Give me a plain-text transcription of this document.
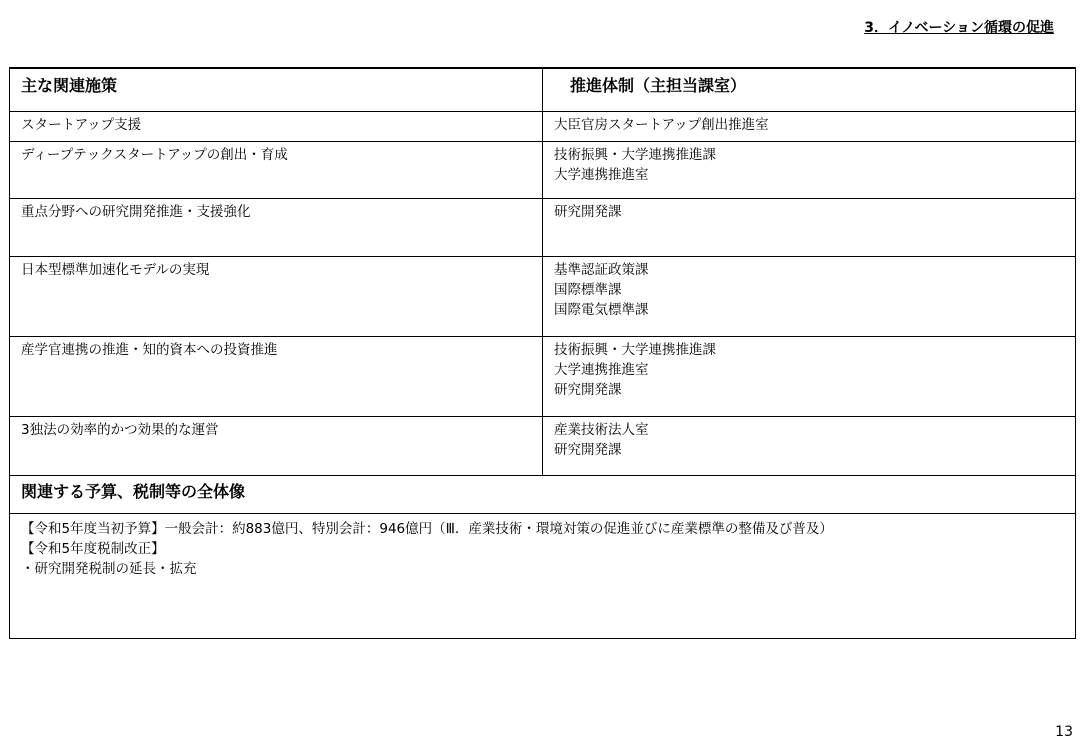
3．イノベーション循環の促進
主な関連施策	推進体制（主担当課室）
スタートアップ支援	大臣官房スタートアップ創出推進室

ディープテックスタートアップの創出・育成	技術振興・大学連携推進課
大学連携推進室

重点分野への研究開発推進・支援強化	研究開発課

日本型標準加速化モデルの実現	基準認証政策課
国際標準課
国際電気標準課

産学官連携の推進・知的資本への投資推進	技術振興・大学連携推進課
大学連携推進室
研究開発課

3独法の効率的かつ効果的な運営	産業技術法人室
研究開発課

関連する予算、税制等の全体像	

【令和5年度当初予算】一般会計：約883億円、特別会計：946億円（Ⅲ．産業技術・環境対策の促進並びに産業標準の整備及び普及）
【令和5年度税制改正】
・研究開発税制の延長・拡充	
13
